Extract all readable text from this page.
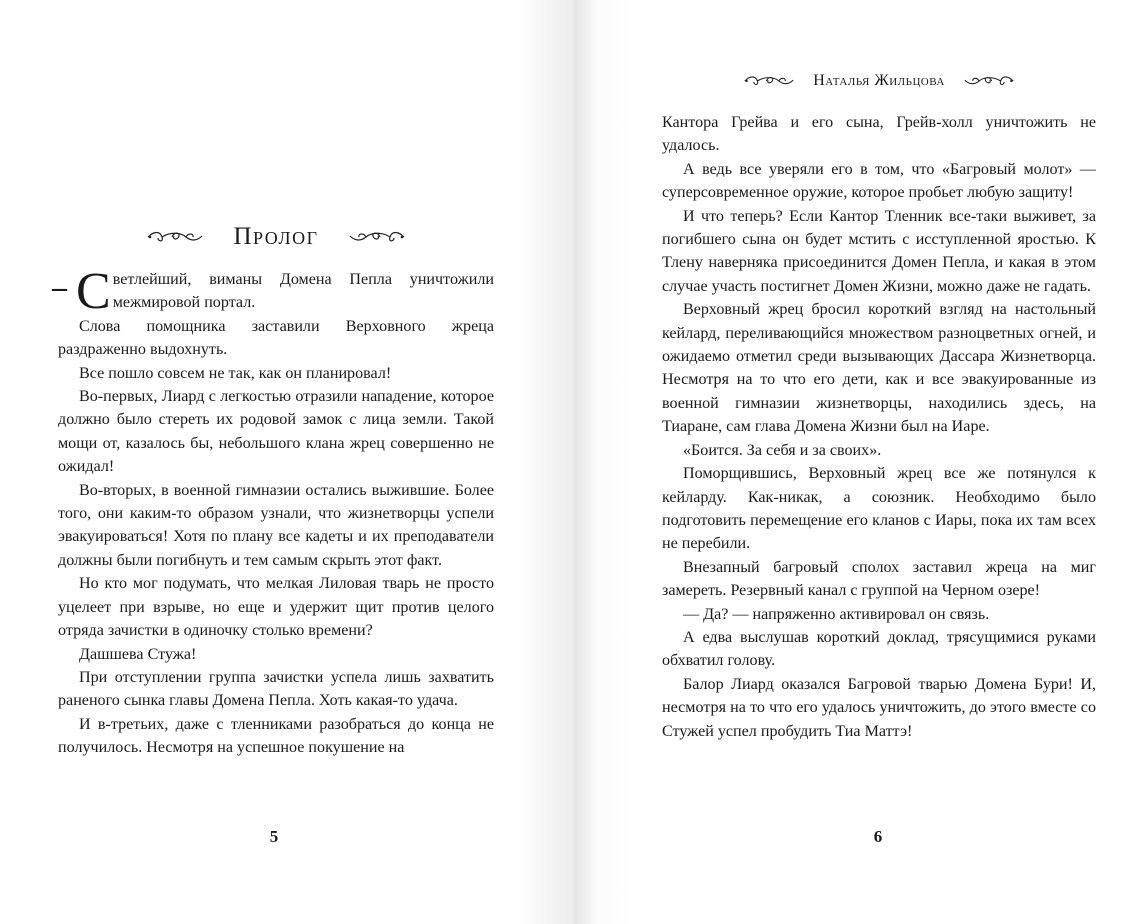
Пролог

– С ветлейший, виманы Домена Пепла уничтожили межмировой портал.

Слова помощника заставили Верховного жреца раздраженно выдохнуть.

Все пошло совсем не так, как он планировал!

Во-первых, Лиард с легкостью отразили нападение, которое должно было стереть их родовой замок с лица земли. Такой мощи от, казалось бы, небольшого клана жрец совершенно не ожидал!

Во-вторых, в военной гимназии остались выжившие. Более того, они каким-то образом узнали, что жизнетворцы успели эвакуироваться! Хотя по плану все кадеты и их преподаватели должны были погибнуть и тем самым скрыть этот факт.

Но кто мог подумать, что мелкая Лиловая тварь не просто уцелеет при взрыве, но еще и удержит щит против целого отряда зачистки в одиночку столько времени?

Дашшева Стужа!

При отступлении группа зачистки успела лишь захватить раненого сынка главы Домена Пепла. Хоть какая-то удача.

И в-третьих, даже с тленниками разобраться до конца не получилось. Несмотря на успешное покушение на

5
Наталья Жильцова

Кантора Грейва и его сына, Грейв-холл уничтожить не удалось.

А ведь все уверяли его в том, что «Багровый молот» — суперсовременное оружие, которое пробьет любую защиту!

И что теперь? Если Кантор Тленник все-таки выживет, за погибшего сына он будет мстить с исступленной яростью. К Тлену наверняка присоединится Домен Пепла, и какая в этом случае участь постигнет Домен Жизни, можно даже не гадать.

Верховный жрец бросил короткий взгляд на настольный кейлард, переливающийся множеством разноцветных огней, и ожидаемо отметил среди вызывающих Дассара Жизнетворца. Несмотря на то что его дети, как и все эвакуированные из военной гимназии жизнетворцы, находились здесь, на Тиаране, сам глава Домена Жизни был на Иаре.

«Боится. За себя и за своих».

Поморщившись, Верховный жрец все же потянулся к кейларду. Как-никак, а союзник. Необходимо было подготовить перемещение его кланов с Иары, пока их там всех не перебили.

Внезапный багровый сполох заставил жреца на миг замереть. Резервный канал с группой на Черном озере!

— Да? — напряженно активировал он связь.

А едва выслушав короткий доклад, трясущимися руками обхватил голову.

Балор Лиард оказался Багровой тварью Домена Бури! И, несмотря на то что его удалось уничтожить, до этого вместе со Стужей успел пробудить Тиа Маттэ!

6
